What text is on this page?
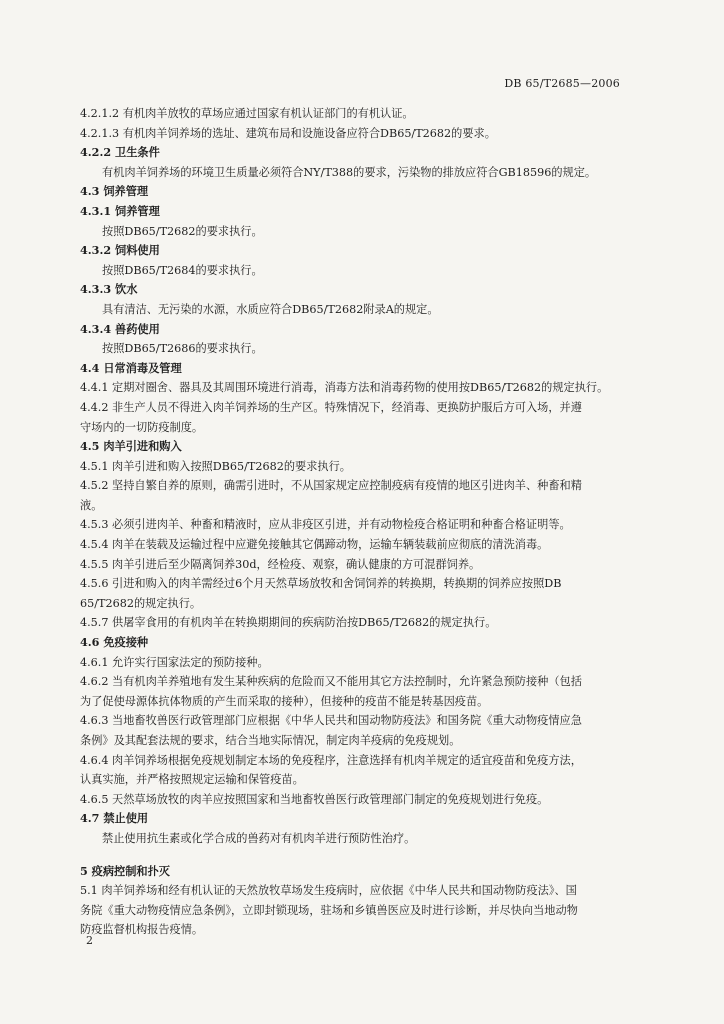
DB 65/T2685—2006
4.2.1.2 有机肉羊放牧的草场应通过国家有机认证部门的有机认证。
4.2.1.3 有机肉羊饲养场的选址、建筑布局和设施设备应符合DB65/T2682的要求。
4.2.2 卫生条件
有机肉羊饲养场的环境卫生质量必须符合NY/T388的要求，污染物的排放应符合GB18596的规定。
4.3 饲养管理
4.3.1 饲养管理
按照DB65/T2682的要求执行。
4.3.2 饲料使用
按照DB65/T2684的要求执行。
4.3.3 饮水
具有清洁、无污染的水源，水质应符合DB65/T2682附录A的规定。
4.3.4 兽药使用
按照DB65/T2686的要求执行。
4.4 日常消毒及管理
4.4.1 定期对圈舍、器具及其周围环境进行消毒，消毒方法和消毒药物的使用按DB65/T2682的规定执行。
4.4.2 非生产人员不得进入肉羊饲养场的生产区。特殊情况下，经消毒、更换防护服后方可入场，并遵
守场内的一切防疫制度。
4.5 肉羊引进和购入
4.5.1 肉羊引进和购入按照DB65/T2682的要求执行。
4.5.2 坚持自繁自养的原则，确需引进时，不从国家规定应控制疫病有疫情的地区引进肉羊、种畜和精
液。
4.5.3 必须引进肉羊、种畜和精液时，应从非疫区引进，并有动物检疫合格证明和种畜合格证明等。
4.5.4 肉羊在装载及运输过程中应避免接触其它偶蹄动物，运输车辆装载前应彻底的清洗消毒。
4.5.5 肉羊引进后至少隔离饲养30d，经检疫、观察，确认健康的方可混群饲养。
4.5.6 引进和购入的肉羊需经过6个月天然草场放牧和舍饲饲养的转换期，转换期的饲养应按照DB
65/T2682的规定执行。
4.5.7 供屠宰食用的有机肉羊在转换期期间的疾病防治按DB65/T2682的规定执行。
4.6 免疫接种
4.6.1 允许实行国家法定的预防接种。
4.6.2 当有机肉羊养殖地有发生某种疾病的危险而又不能用其它方法控制时，允许紧急预防接种（包括
为了促使母源体抗体物质的产生而采取的接种），但接种的疫苗不能是转基因疫苗。
4.6.3 当地畜牧兽医行政管理部门应根据《中华人民共和国动物防疫法》和国务院《重大动物疫情应急
条例》及其配套法规的要求，结合当地实际情况，制定肉羊疫病的免疫规划。
4.6.4 肉羊饲养场根据免疫规划制定本场的免疫程序，注意选择有机肉羊规定的适宜疫苗和免疫方法，
认真实施，并严格按照规定运输和保管疫苗。
4.6.5 天然草场放牧的肉羊应按照国家和当地畜牧兽医行政管理部门制定的免疫规划进行免疫。
4.7 禁止使用
禁止使用抗生素或化学合成的兽药对有机肉羊进行预防性治疗。
5 疫病控制和扑灭
5.1 肉羊饲养场和经有机认证的天然放牧草场发生疫病时，应依据《中华人民共和国动物防疫法》、国
务院《重大动物疫情应急条例》，立即封锁现场，驻场和乡镇兽医应及时进行诊断，并尽快向当地动物
防疫监督机构报告疫情。
2
